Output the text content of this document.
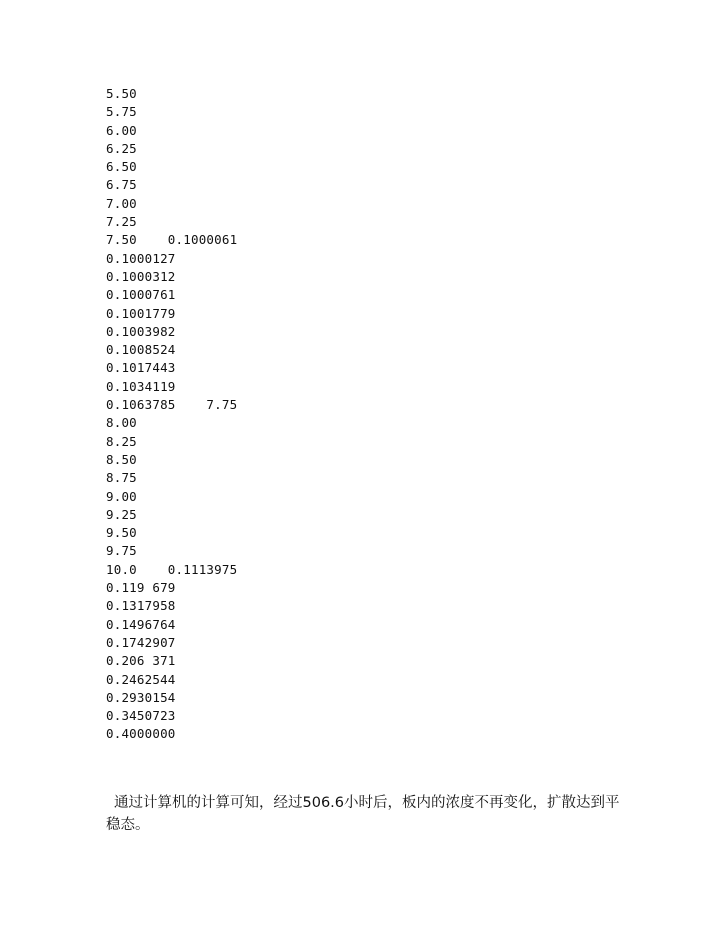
5.50
5.75
6.00
6.25
6.50
6.75
7.00
7.25
7.50    0.1000061
0.1000127
0.1000312
0.1000761
0.1001779
0.1003982
0.1008524
0.1017443
0.1034119
0.1063785    7.75
8.00
8.25
8.50
8.75
9.00
9.25
9.50
9.75
10.0    0.1113975
0.119 679
0.1317958
0.1496764
0.1742907
0.206 371
0.2462544
0.2930154
0.3450723
0.4000000

通过计算机的计算可知，经过506.6小时后，板内的浓度不再变化，扩散达到平稳态。
